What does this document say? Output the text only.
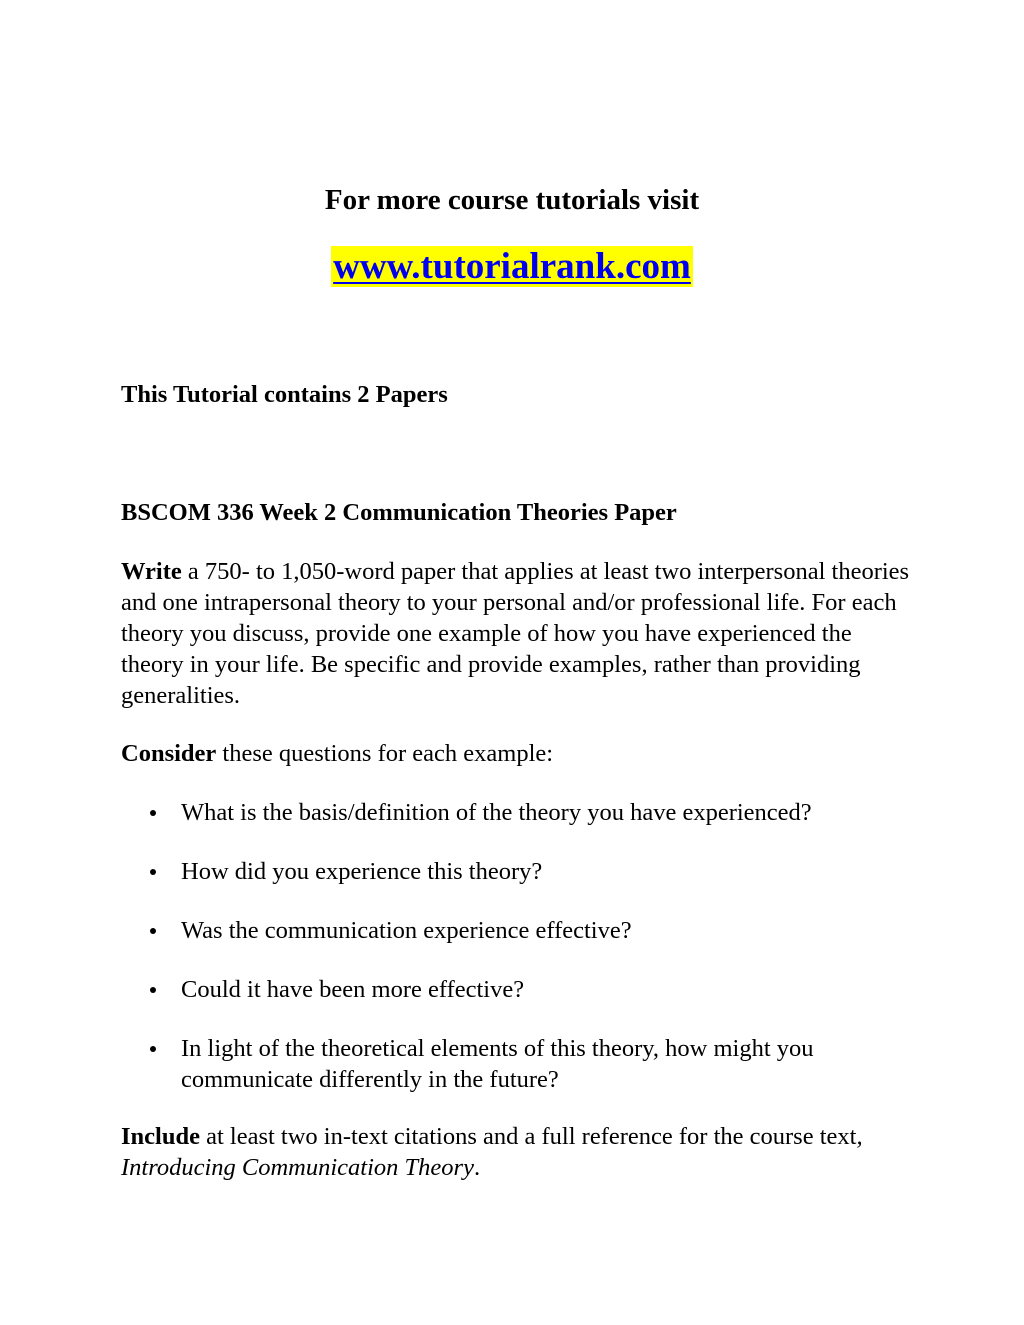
For more course tutorials visit
www.tutorialrank.com
This Tutorial contains 2 Papers
BSCOM 336 Week 2 Communication Theories Paper
Write a 750- to 1,050-word paper that applies at least two interpersonal theories and one intrapersonal theory to your personal and/or professional life. For each theory you discuss, provide one example of how you have experienced the theory in your life. Be specific and provide examples, rather than providing generalities.
Consider these questions for each example:
What is the basis/definition of the theory you have experienced?
How did you experience this theory?
Was the communication experience effective?
Could it have been more effective?
In light of the theoretical elements of this theory, how might you communicate differently in the future?
Include at least two in-text citations and a full reference for the course text, Introducing Communication Theory.
